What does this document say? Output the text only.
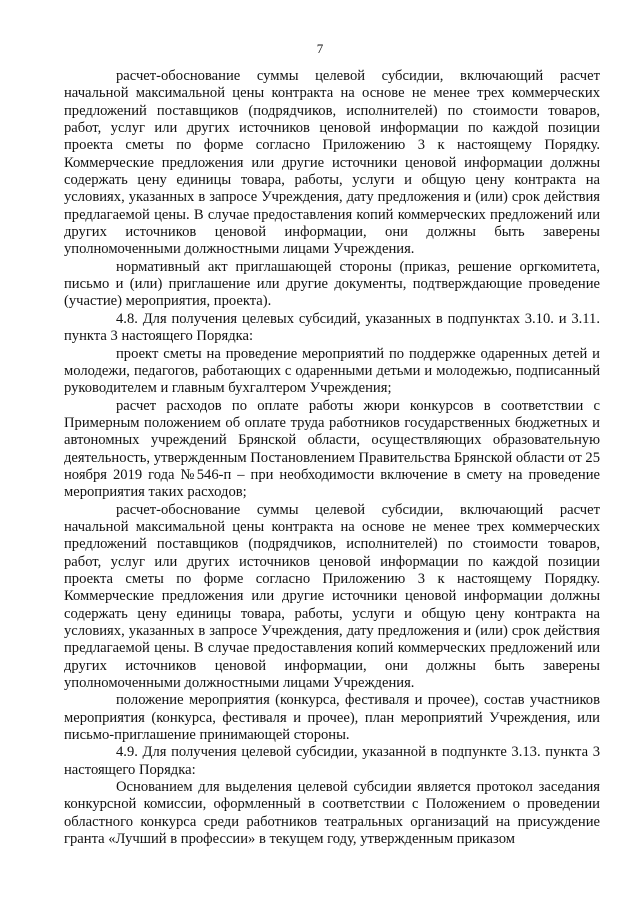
7

расчет-обоснование суммы целевой субсидии, включающий расчет начальной максимальной цены контракта на основе не менее трех коммерческих предложений поставщиков (подрядчиков, исполнителей) по стоимости товаров, работ, услуг или других источников ценовой информации по каждой позиции проекта сметы по форме согласно Приложению 3 к настоящему Порядку. Коммерческие предложения или другие источники ценовой информации должны содержать цену единицы товара, работы, услуги и общую цену контракта на условиях, указанных в запросе Учреждения, дату предложения и (или) срок действия предлагаемой цены. В случае предоставления копий коммерческих предложений или других источников ценовой информации, они должны быть заверены уполномоченными должностными лицами Учреждения.

нормативный акт приглашающей стороны (приказ, решение оргкомитета, письмо и (или) приглашение или другие документы, подтверждающие проведение (участие) мероприятия, проекта).

4.8. Для получения целевых субсидий, указанных в подпунктах 3.10. и 3.11. пункта 3 настоящего Порядка:

проект сметы на проведение мероприятий по поддержке одаренных детей и молодежи, педагогов, работающих с одаренными детьми и молодежью, подписанный руководителем и главным бухгалтером Учреждения;

расчет расходов по оплате работы жюри конкурсов в соответствии с Примерным положением об оплате труда работников государственных бюджетных и автономных учреждений Брянской области, осуществляющих образовательную деятельность, утвержденным Постановлением Правительства Брянской области от 25 ноября 2019 года №546-п – при необходимости включение в смету на проведение мероприятия таких расходов;

расчет-обоснование суммы целевой субсидии, включающий расчет начальной максимальной цены контракта на основе не менее трех коммерческих предложений поставщиков (подрядчиков, исполнителей) по стоимости товаров, работ, услуг или других источников ценовой информации по каждой позиции проекта сметы по форме согласно Приложению 3 к настоящему Порядку. Коммерческие предложения или другие источники ценовой информации должны содержать цену единицы товара, работы, услуги и общую цену контракта на условиях, указанных в запросе Учреждения, дату предложения и (или) срок действия предлагаемой цены. В случае предоставления копий коммерческих предложений или других источников ценовой информации, они должны быть заверены уполномоченными должностными лицами Учреждения.

положение мероприятия (конкурса, фестиваля и прочее), состав участников мероприятия (конкурса, фестиваля и прочее), план мероприятий Учреждения, или письмо-приглашение принимающей стороны.

4.9. Для получения целевой субсидии, указанной в подпункте 3.13. пункта 3 настоящего Порядка:

Основанием для выделения целевой субсидии является протокол заседания конкурсной комиссии, оформленный в соответствии с Положением о проведении областного конкурса среди работников театральных организаций на присуждение гранта «Лучший в профессии» в текущем году, утвержденным приказом
